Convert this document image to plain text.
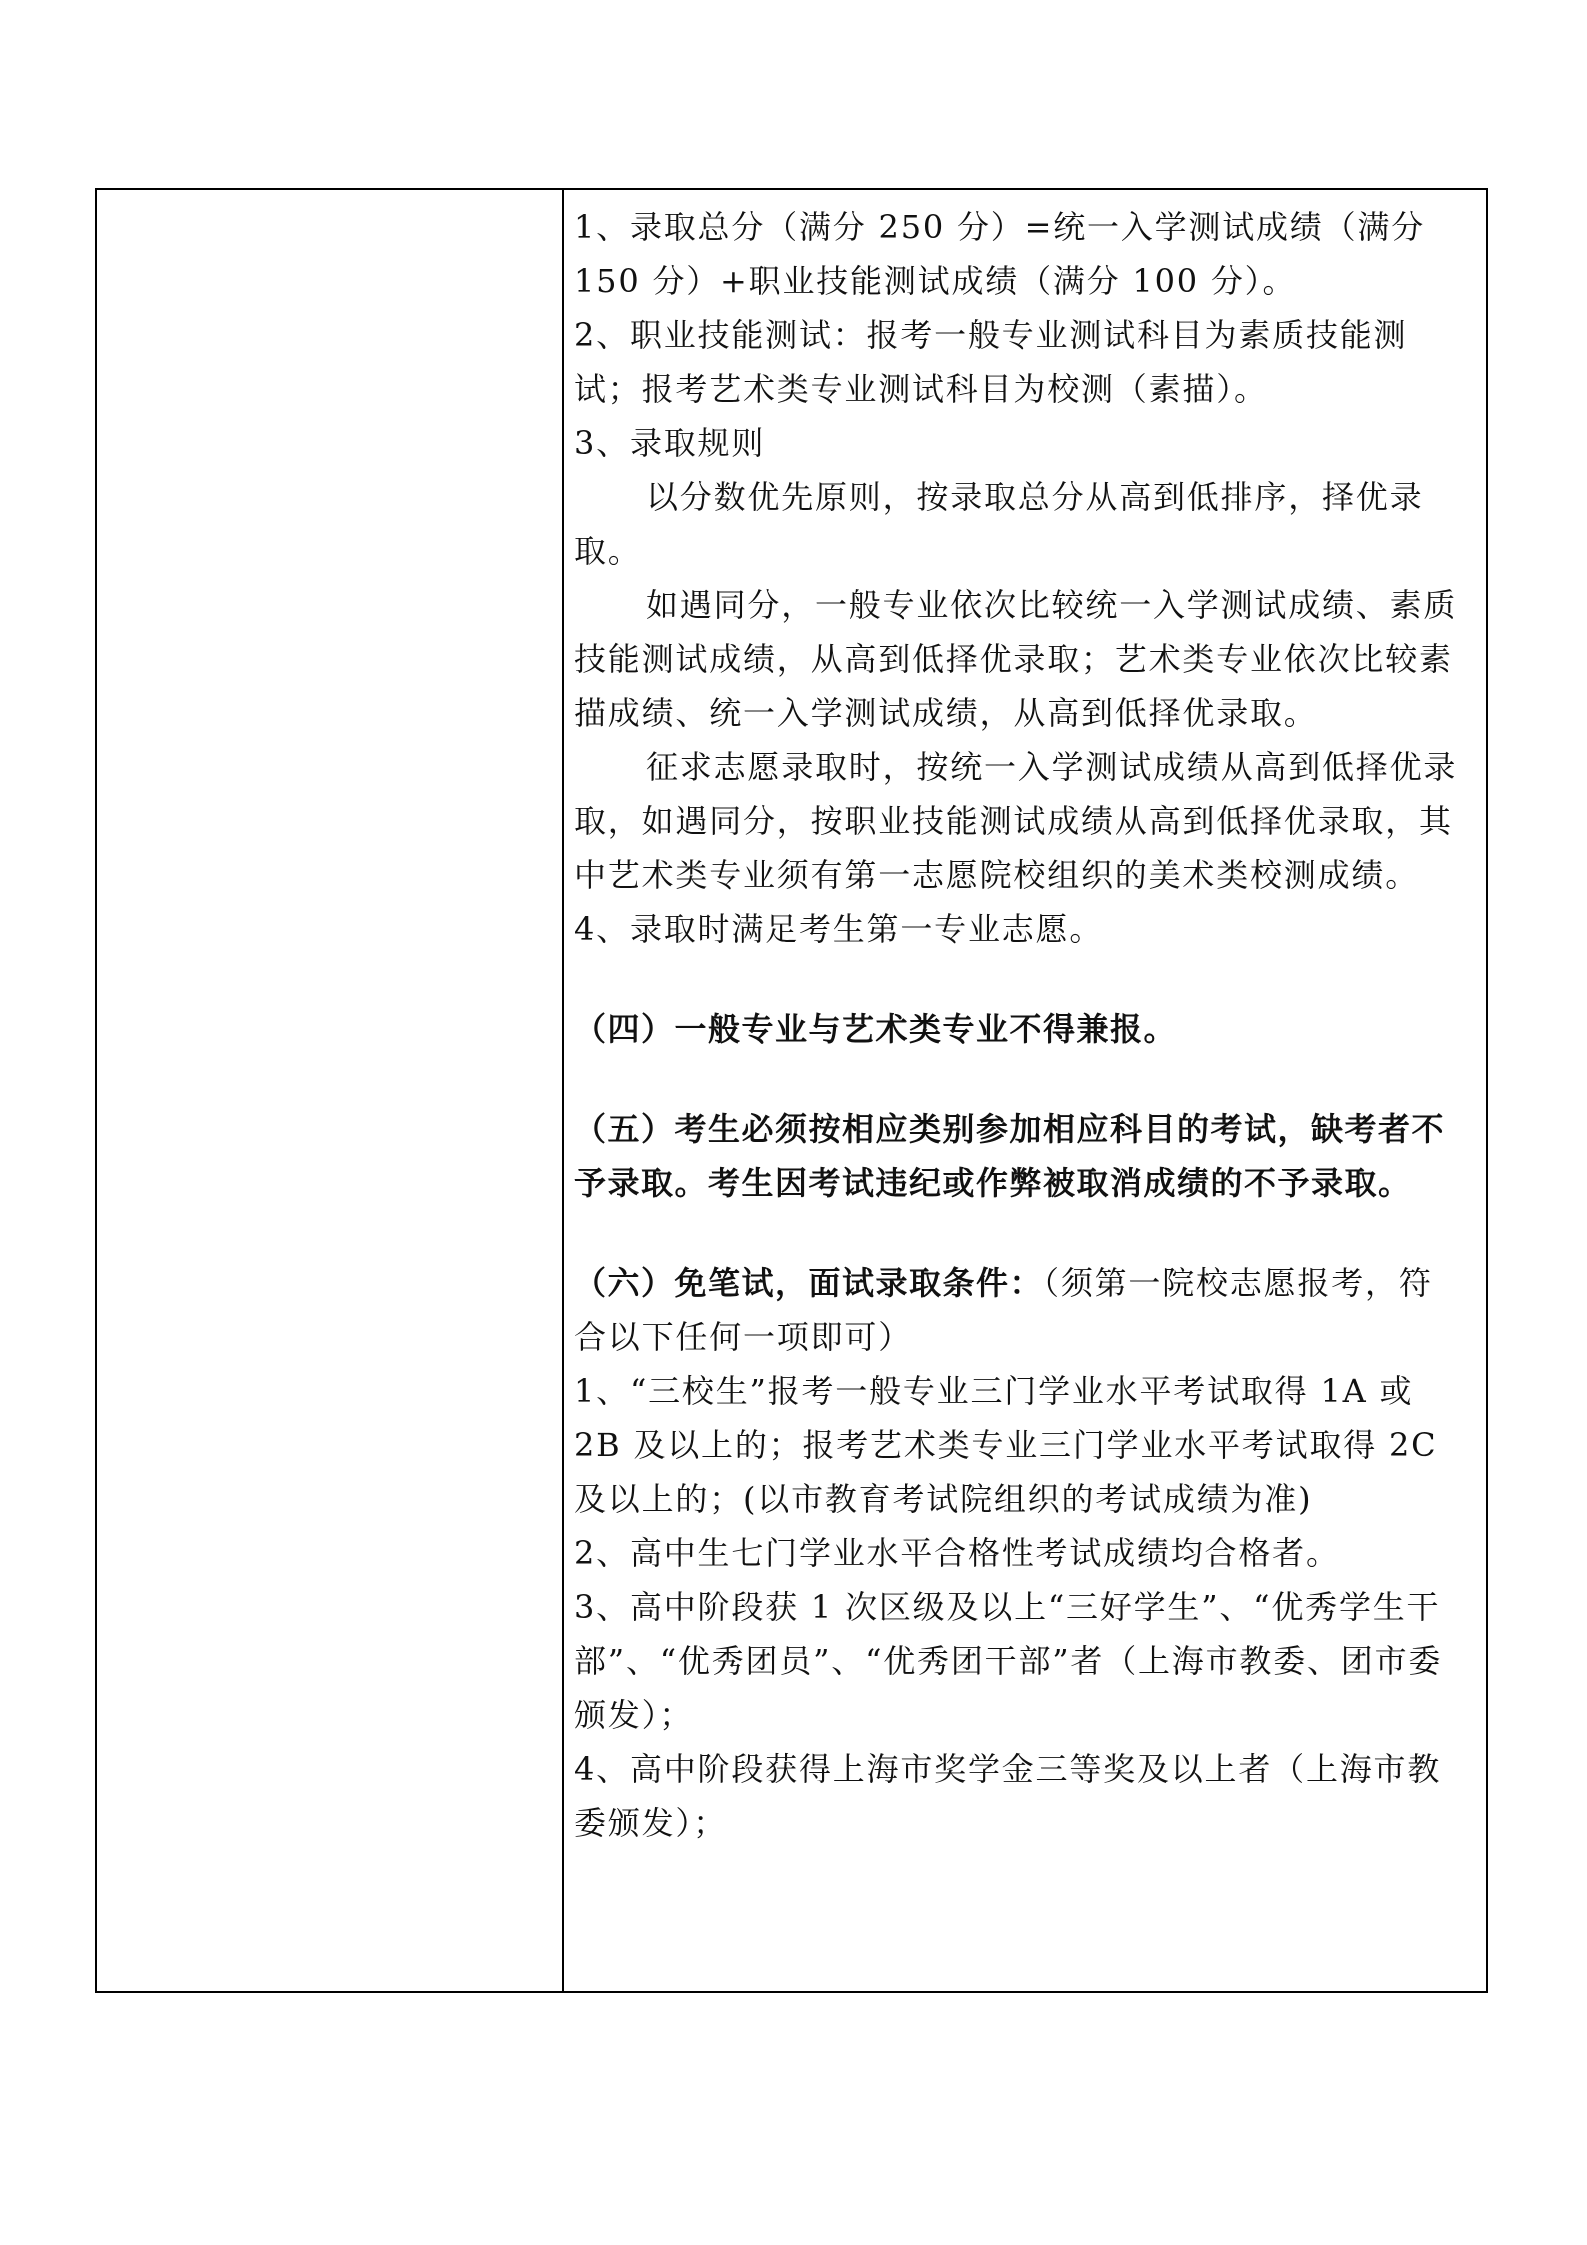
1、录取总分（满分 250 分）=统一入学测试成绩（满分 150 分）+职业技能测试成绩（满分 100 分）。

2、职业技能测试：报考一般专业测试科目为素质技能测试；报考艺术类专业测试科目为校测（素描）。

3、录取规则

以分数优先原则，按录取总分从高到低排序，择优录取。

如遇同分，一般专业依次比较统一入学测试成绩、素质技能测试成绩，从高到低择优录取；艺术类专业依次比较素描成绩、统一入学测试成绩，从高到低择优录取。

征求志愿录取时，按统一入学测试成绩从高到低择优录取，如遇同分，按职业技能测试成绩从高到低择优录取，其中艺术类专业须有第一志愿院校组织的美术类校测成绩。

4、录取时满足考生第一专业志愿。

（四）一般专业与艺术类专业不得兼报。

（五）考生必须按相应类别参加相应科目的考试，缺考者不予录取。考生因考试违纪或作弊被取消成绩的不予录取。

（六）免笔试，面试录取条件：（须第一院校志愿报考，符合以下任何一项即可）

1、“三校生”报考一般专业三门学业水平考试取得 1A 或 2B 及以上的；报考艺术类专业三门学业水平考试取得 2C 及以上的；(以市教育考试院组织的考试成绩为准)

2、高中生七门学业水平合格性考试成绩均合格者。

3、高中阶段获 1 次区级及以上“三好学生”、“优秀学生干部”、“优秀团员”、“优秀团干部”者（上海市教委、团市委颁发）；

4、高中阶段获得上海市奖学金三等奖及以上者（上海市教委颁发）；
